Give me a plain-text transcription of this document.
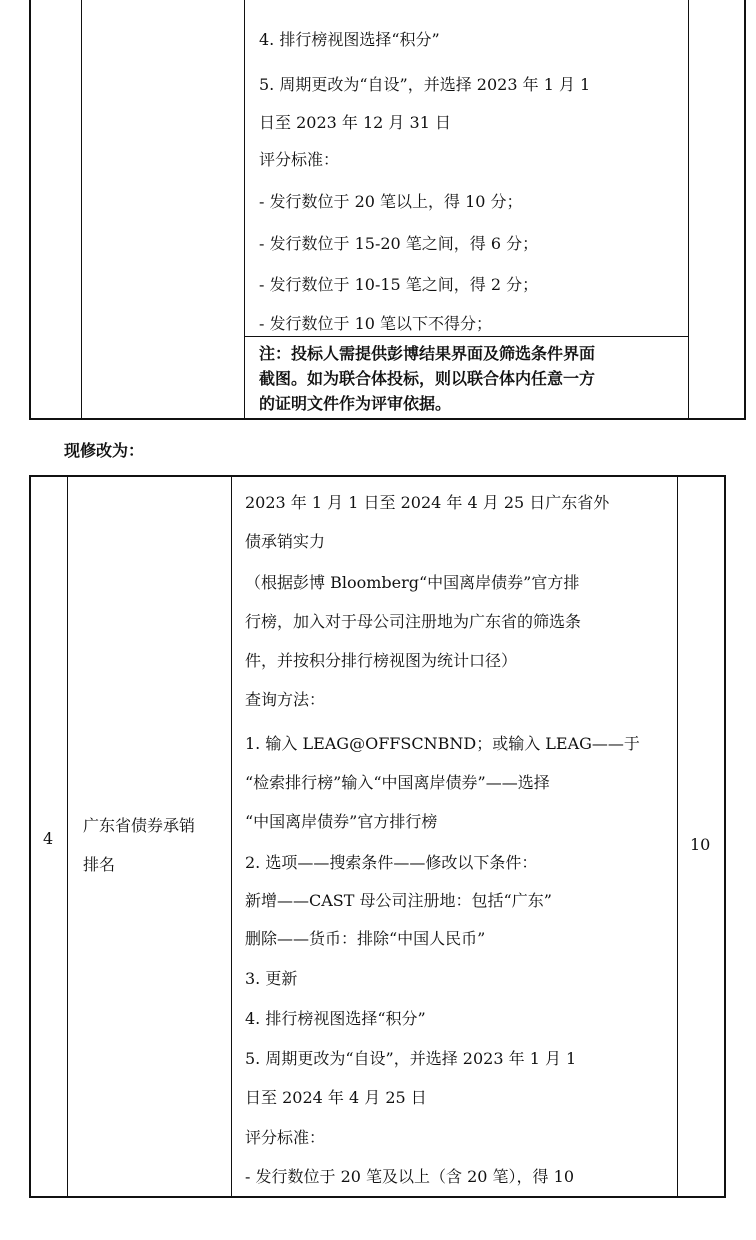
4. 排行榜视图选择“积分”
5. 周期更改为“自设”，并选择 2023 年 1 月 1
日至 2023 年 12 月 31 日
评分标准：
- 发行数位于 20 笔以上，得 10 分；
- 发行数位于 15-20 笔之间，得 6 分；
- 发行数位于 10-15 笔之间，得 2 分；
- 发行数位于 10 笔以下不得分；
注：投标人需提供彭博结果界面及筛选条件界面
截图。如为联合体投标，则以联合体内任意一方
的证明文件作为评审依据。
现修改为：
4
广东省债券承销
排名
10
2023 年 1 月 1 日至 2024 年 4 月 25 日广东省外
债承销实力
（根据彭博 Bloomberg“中国离岸债券”官方排
行榜，加入对于母公司注册地为广东省的筛选条
件，并按积分排行榜视图为统计口径）
查询方法：
1. 输入 LEAG@OFFSCNBND；或输入 LEAG——于
“检索排行榜”输入“中国离岸债券”——选择
“中国离岸债券”官方排行榜
2. 选项——搜索条件——修改以下条件：
新增——CAST 母公司注册地：包括“广东”
删除——货币：排除“中国人民币”
3. 更新
4. 排行榜视图选择“积分”
5. 周期更改为“自设”，并选择 2023 年 1 月 1
日至 2024 年 4 月 25 日
评分标准：
- 发行数位于 20 笔及以上（含 20 笔），得 10
